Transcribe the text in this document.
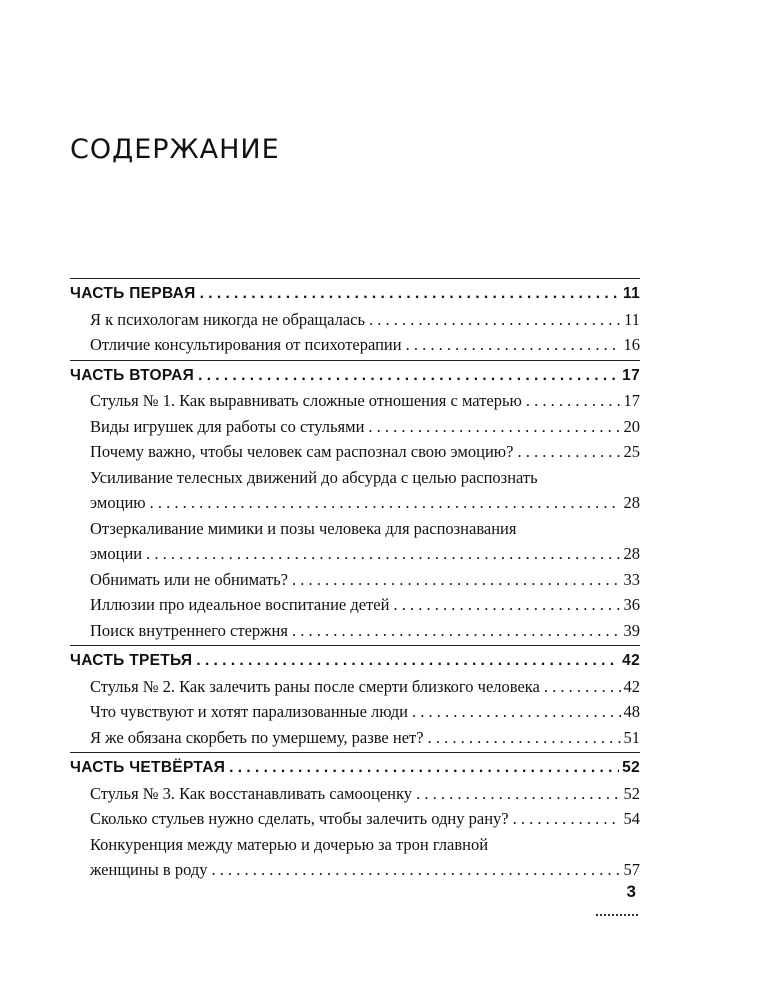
СОДЕРЖАНИЕ
ЧАСТЬ ПЕРВАЯ . . .	11
Я к психологам никогда не обращалась . . .	11
Отличие консультирования от психотерапии . . .	16
ЧАСТЬ ВТОРАЯ . . .	17
Стулья № 1. Как выравнивать сложные отношения с матерью . . .	17
Виды игрушек для работы со стульями . . .	20
Почему важно, чтобы человек сам распознал свою эмоцию? . . .	25
Усиливание телесных движений до абсурда с целью распознать
эмоцию . . .	28
Отзеркаливание мимики и позы человека для распознавания
эмоции . . .	28
Обнимать или не обнимать? . . .	33
Иллюзии про идеальное воспитание детей . . .	36
Поиск внутреннего стержня . . .	39
ЧАСТЬ ТРЕТЬЯ . . .	42
Стулья № 2. Как залечить раны после смерти близкого человека . . .	42
Что чувствуют и хотят парализованные люди . . .	48
Я же обязана скорбеть по умершему, разве нет? . . .	51
ЧАСТЬ ЧЕТВЁРТАЯ . . .	52
Стулья № 3. Как восстанавливать самооценку . . .	52
Сколько стульев нужно сделать, чтобы залечить одну рану? . . .	54
Конкуренция между матерью и дочерью за трон главной
женщины в роду . . .	57
3
